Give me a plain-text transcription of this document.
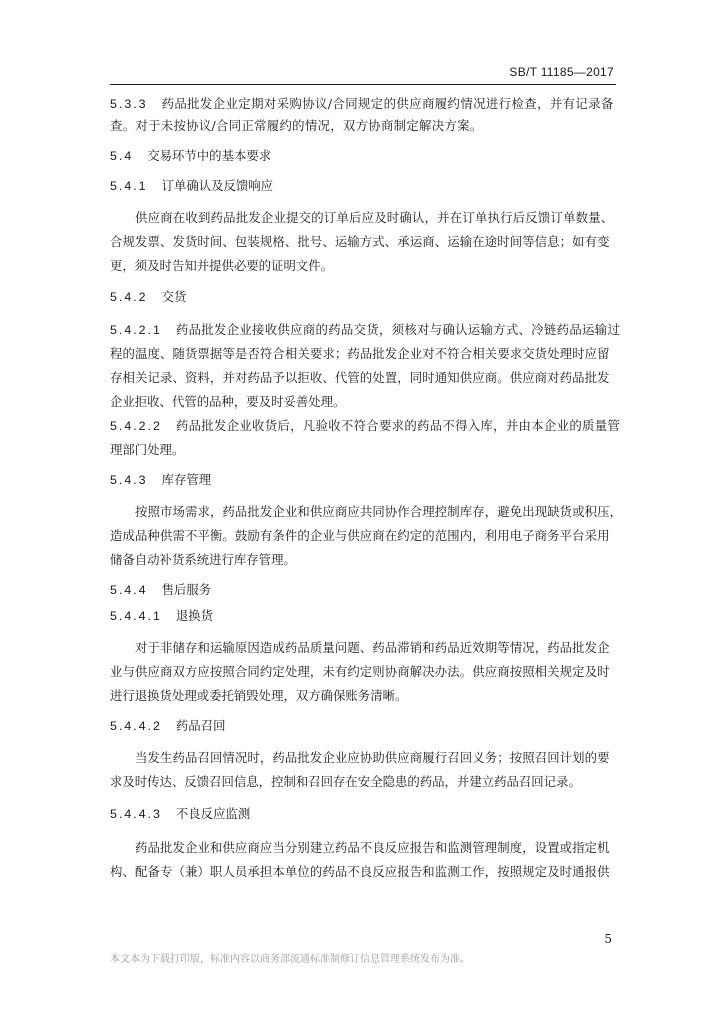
SB/T 11185—2017
5.3.3 药品批发企业定期对采购协议/合同规定的供应商履约情况进行检查，并有记录备
查。对于未按协议/合同正常履约的情况，双方协商制定解决方案。
5.4 交易环节中的基本要求
5.4.1 订单确认及反馈响应
供应商在收到药品批发企业提交的订单后应及时确认，并在订单执行后反馈订单数量、
合规发票、发货时间、包装规格、批号、运输方式、承运商、运输在途时间等信息；如有变
更，须及时告知并提供必要的证明文件。
5.4.2 交货
5.4.2.1 药品批发企业接收供应商的药品交货，须核对与确认运输方式、冷链药品运输过
程的温度、随货票据等是否符合相关要求；药品批发企业对不符合相关要求交货处理时应留
存相关记录、资料，并对药品予以拒收、代管的处置，同时通知供应商。供应商对药品批发
企业拒收、代管的品种，要及时妥善处理。
5.4.2.2 药品批发企业收货后，凡验收不符合要求的药品不得入库，并由本企业的质量管
理部门处理。
5.4.3 库存管理
按照市场需求，药品批发企业和供应商应共同协作合理控制库存，避免出现缺货或积压，
造成品种供需不平衡。鼓励有条件的企业与供应商在约定的范围内，利用电子商务平台采用
储备自动补货系统进行库存管理。
5.4.4 售后服务
5.4.4.1 退换货
对于非储存和运输原因造成药品质量问题、药品滞销和药品近效期等情况，药品批发企
业与供应商双方应按照合同约定处理，未有约定则协商解决办法。供应商按照相关规定及时
进行退换货处理或委托销毁处理，双方确保账务清晰。
5.4.4.2 药品召回
当发生药品召回情况时，药品批发企业应协助供应商履行召回义务；按照召回计划的要
求及时传达、反馈召回信息，控制和召回存在安全隐患的药品，并建立药品召回记录。
5.4.4.3 不良反应监测
药品批发企业和供应商应当分别建立药品不良反应报告和监测管理制度，设置或指定机
构、配备专（兼）职人员承担本单位的药品不良反应报告和监测工作，按照规定及时通报供
5
本文本为下载打印版，标准内容以商务部流通标准制修订信息管理系统发布为准。
